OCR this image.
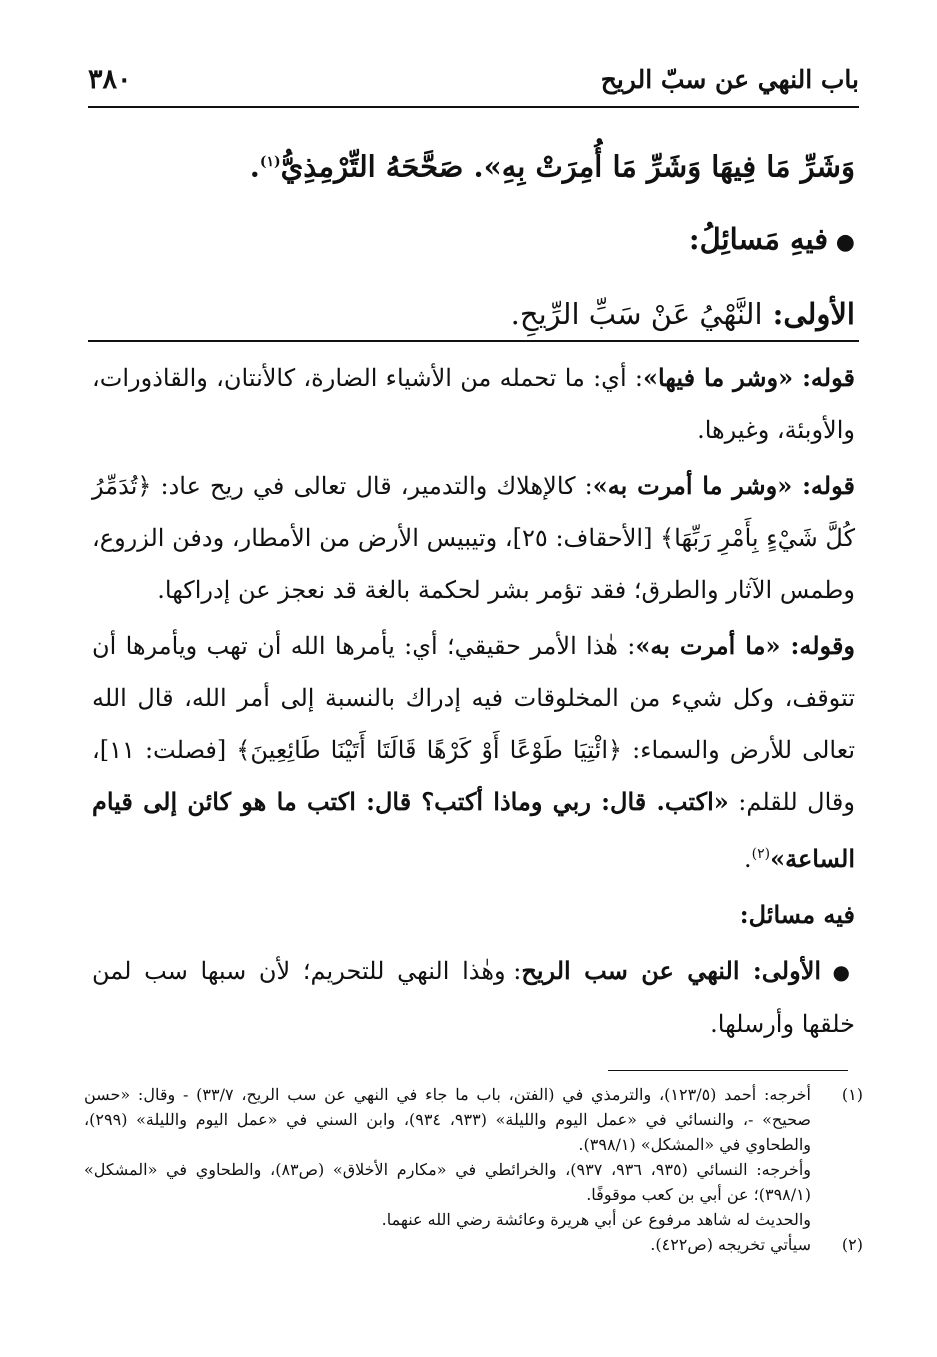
باب النهي عن سبّ الريح
٣٨٠

وَشَرِّ مَا فِيهَا وَشَرِّ مَا أُمِرَتْ بِهِ». صَحَّحَهُ التِّرْمِذِيُّ$^{(١)}$.

● فيهِ مَسائِلُ:

الأولى: النَّهْيُ عَنْ سَبِّ الرِّيحِ.

قوله: «وشر ما فيها»: أي: ما تحمله من الأشياء الضارة، كالأنتان، والقاذورات، والأوبئة، وغيرها.

قوله: «وشر ما أمرت به»: كالإهلاك والتدمير، قال تعالى في ريح عاد: ﴿تُدَمِّرُ كُلَّ شَيْءٍ بِأَمْرِ رَبِّهَا﴾ [الأحقاف: ٢٥]، وتيبيس الأرض من الأمطار، ودفن الزروع، وطمس الآثار والطرق؛ فقد تؤمر بشر لحكمة بالغة قد نعجز عن إدراكها.

وقوله: «ما أمرت به»: هٰذا الأمر حقيقي؛ أي: يأمرها الله أن تهب ويأمرها أن تتوقف، وكل شيء من المخلوقات فيه إدراك بالنسبة إلى أمر الله، قال الله تعالى للأرض والسماء: ﴿ائْتِيَا طَوْعًا أَوْ كَرْهًا قَالَتَا أَتَيْنَا طَائِعِينَ﴾ [فصلت: ١١]، وقال للقلم: «اكتب. قال: ربي وماذا أكتب؟ قال: اكتب ما هو كائن إلى قيام الساعة»$^{(٢)}$.

فيه مسائل:

● الأولى: النهي عن سب الريح: وهٰذا النهي للتحريم؛ لأن سبها سب لمن خلقها وأرسلها.

(١)
أخرجه: أحمد (١٢٣/٥)، والترمذي في (الفتن، باب ما جاء في النهي عن سب الريح، ٣٣/٧) - وقال: «حسن صحيح» -، والنسائي في «عمل اليوم والليلة» (٩٣٣، ٩٣٤)، وابن السني في «عمل اليوم والليلة» (٢٩٩)، والطحاوي في «المشكل» (٣٩٨/١).
وأخرجه: النسائي (٩٣٥، ٩٣٦، ٩٣٧)، والخرائطي في «مكارم الأخلاق» (ص٨٣)، والطحاوي في «المشكل» (٣٩٨/١)؛ عن أبي بن كعب موقوفًا.
والحديث له شاهد مرفوع عن أبي هريرة وعائشة رضي الله عنهما.
(٢)
سيأتي تخريجه (ص٤٢٢).
